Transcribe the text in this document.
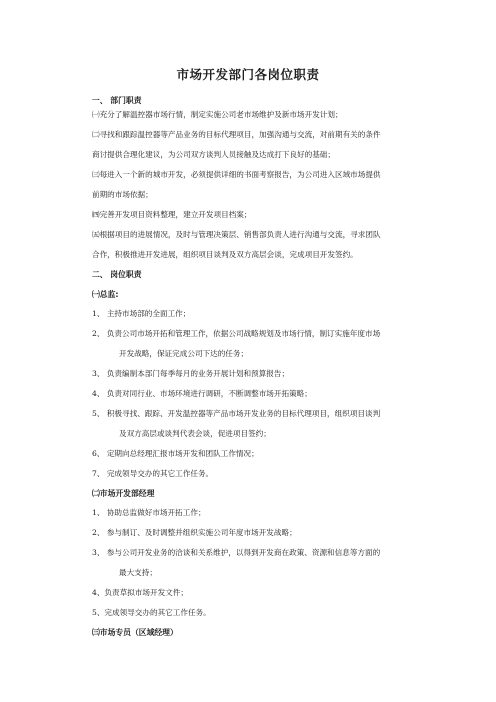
市场开发部门各岗位职责
一、 部门职责
㈠充分了解温控器市场行情，制定实施公司老市场维护及新市场开发计划；
㈡寻找和跟踪温控器等产品业务的目标代理项目，加强沟通与交流，对前期有关的条件
商讨提供合理化建议，为公司双方谈判人员接触及达成打下良好的基础；
㈢每进入一个新的城市开发，必须提供详细的书面考察报告，为公司进入区域市场提供
前期的市场依据；
㈣完善开发项目资料整理，建立开发项目档案；
㈤根据项目的进展情况，及时与管理决策层、销售部负责人进行沟通与交流，寻求团队
合作，积极推进开发进展，组织项目谈判及双方高层会谈，完成项目开发签约。
二、 岗位职责
㈠总监:
1、 主持市场部的全面工作；
2、 负责公司市场开拓和管理工作，依据公司战略规划及市场行情，制订实施年度市场
开发战略，保证完成公司下达的任务；
3、 负责编制本部门每季每月的业务开展计划和预算报告；
4、 负责对同行业、市场环境进行调研，不断调整市场开拓策略；
5、 积极寻找、跟踪、开发温控器等产品市场开发业务的目标代理项目，组织项目谈判
及双方高层或谈判代表会谈，促进项目签约；
6、 定期向总经理汇报市场开发和团队工作情况；
7、 完成领导交办的其它工作任务。
㈡市场开发部经理
1、 协助总监做好市场开拓工作；
2、 参与制订、及时调整并组织实施公司年度市场开发战略；
3、 参与公司开发业务的洽谈和关系维护，以得到开发商在政策、资源和信息等方面的
最大支持；
4、负责草拟市场开发文件；
5、完成领导交办的其它工作任务。
㈢市场专员（区域经理）
